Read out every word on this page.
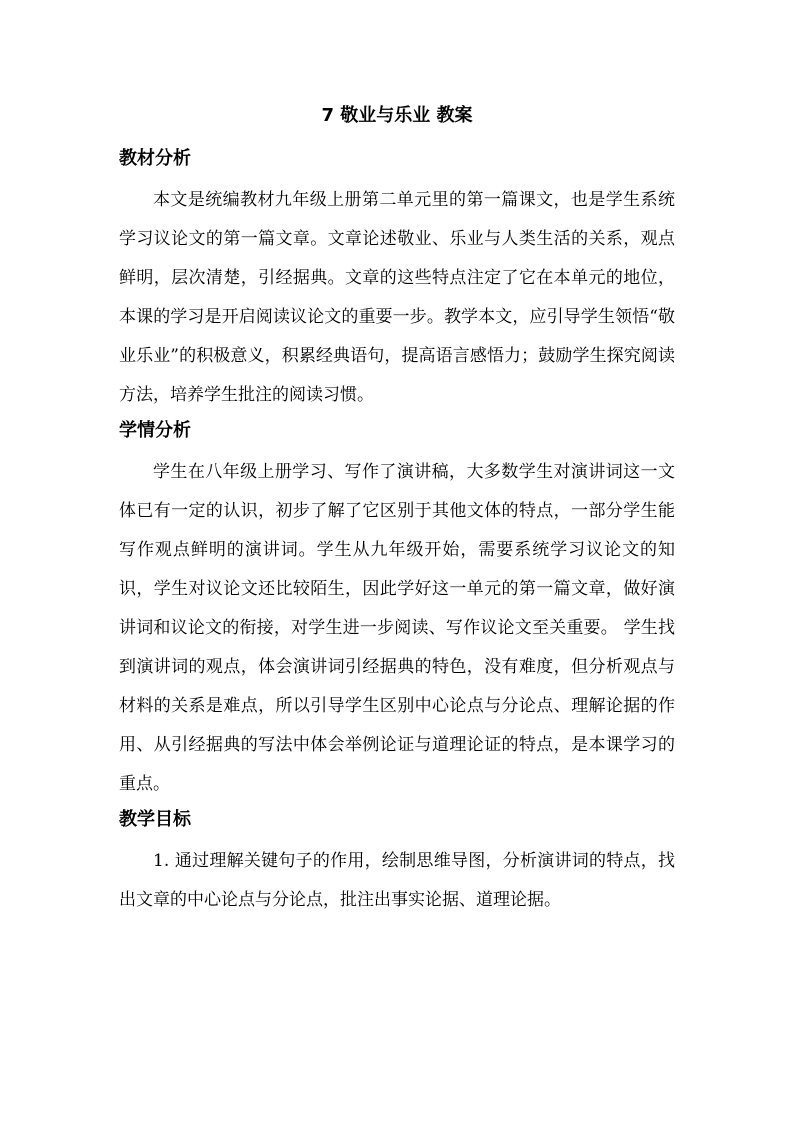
7 敬业与乐业 教案
教材分析

本文是统编教材九年级上册第二单元里的第一篇课文，也是学生系统学习议论文的第一篇文章。文章论述敬业、乐业与人类生活的关系，观点鲜明，层次清楚，引经据典。文章的这些特点注定了它在本单元的地位，本课的学习是开启阅读议论文的重要一步。教学本文，应引导学生领悟“敬业乐业”的积极意义，积累经典语句，提高语言感悟力；鼓励学生探究阅读方法，培养学生批注的阅读习惯。

学情分析

学生在八年级上册学习、写作了演讲稿，大多数学生对演讲词这一文体已有一定的认识，初步了解了它区别于其他文体的特点，一部分学生能写作观点鲜明的演讲词。学生从九年级开始，需要系统学习议论文的知识，学生对议论文还比较陌生，因此学好这一单元的第一篇文章，做好演讲词和议论文的衔接，对学生进一步阅读、写作议论文至关重要。 学生找到演讲词的观点，体会演讲词引经据典的特色，没有难度，但分析观点与材料的关系是难点，所以引导学生区别中心论点与分论点、理解论据的作用、从引经据典的写法中体会举例论证与道理论证的特点，是本课学习的重点。

教学目标

1. 通过理解关键句子的作用，绘制思维导图，分析演讲词的特点，找出文章的中心论点与分论点，批注出事实论据、道理论据。
